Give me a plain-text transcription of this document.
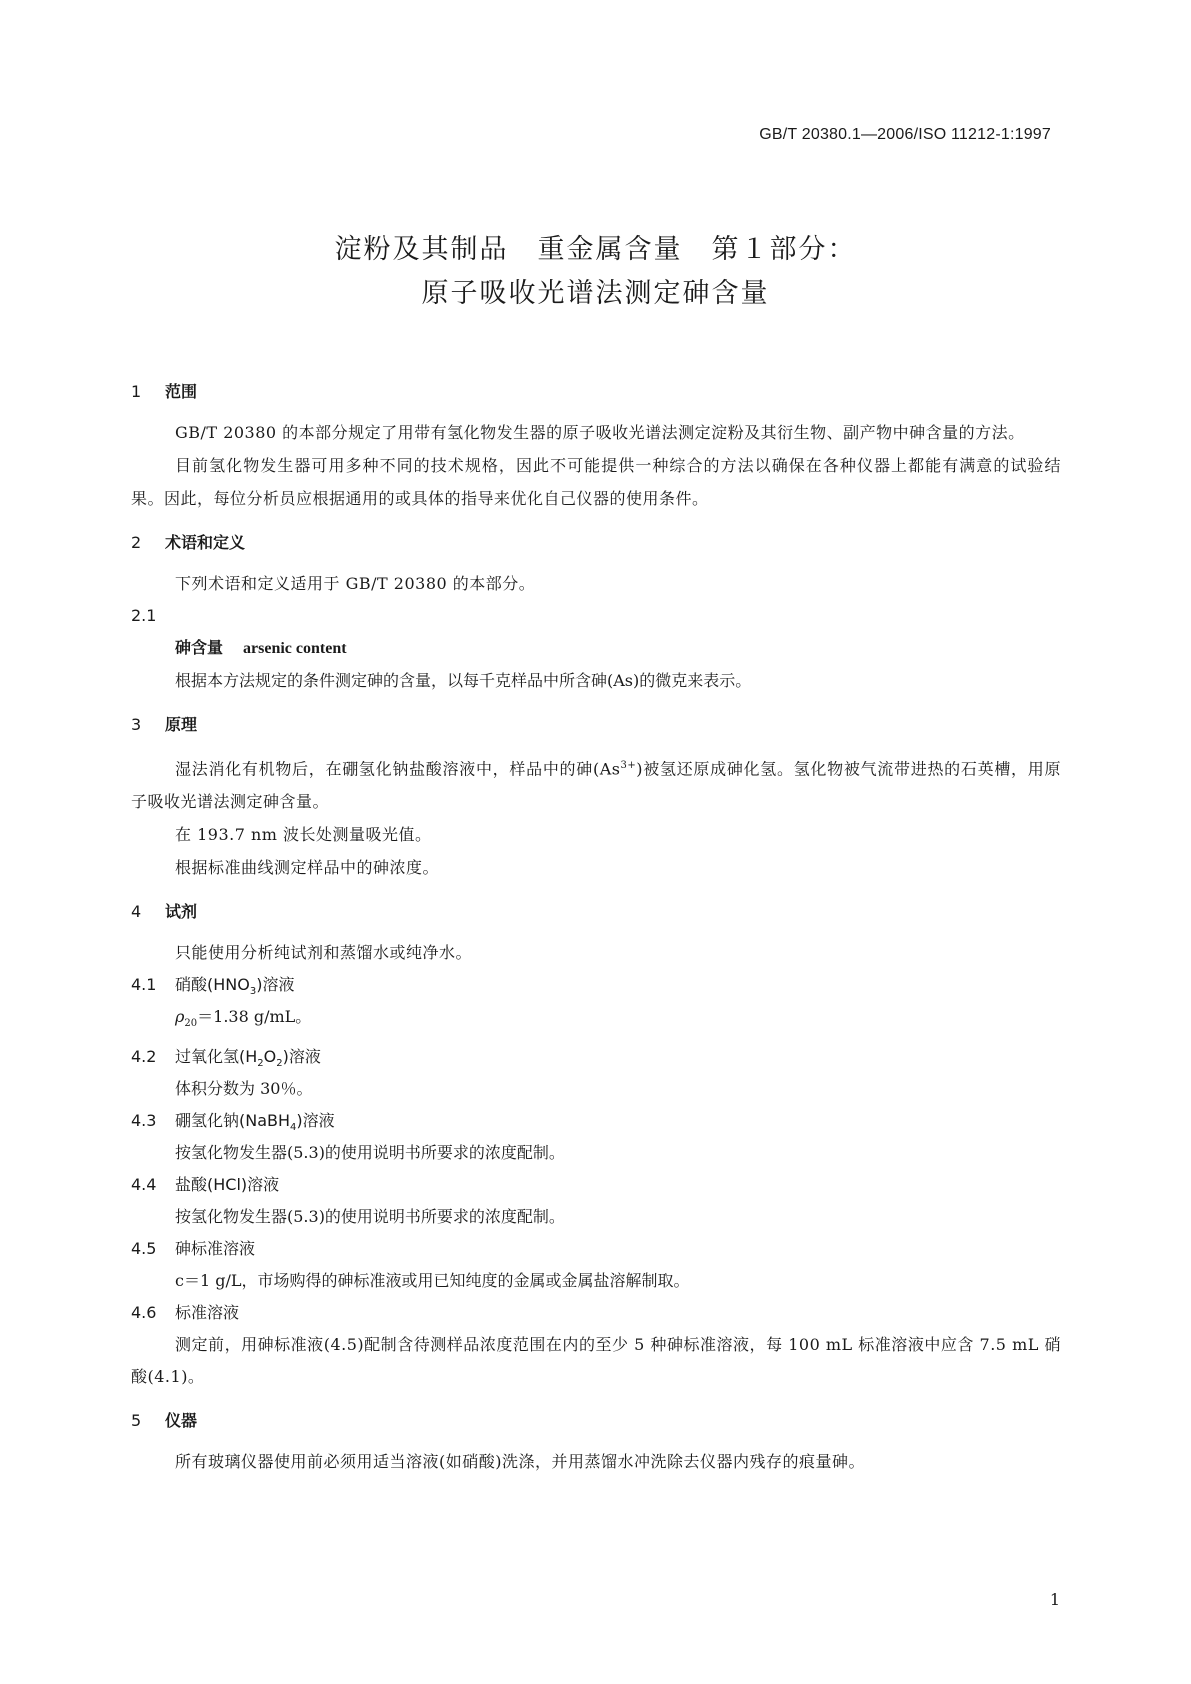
GB/T 20380.1—2006/ISO 11212-1:1997
淀粉及其制品　重金属含量　第１部分：
原子吸收光谱法测定砷含量
1 范围
GB/T 20380 的本部分规定了用带有氢化物发生器的原子吸收光谱法测定淀粉及其衍生物、副产物中砷含量的方法。
目前氢化物发生器可用多种不同的技术规格，因此不可能提供一种综合的方法以确保在各种仪器上都能有满意的试验结果。因此，每位分析员应根据通用的或具体的指导来优化自己仪器的使用条件。
2 术语和定义
下列术语和定义适用于 GB/T 20380 的本部分。
2.1
砷含量 arsenic content
根据本方法规定的条件测定砷的含量，以每千克样品中所含砷(As)的微克来表示。
3 原理
湿法消化有机物后，在硼氢化钠盐酸溶液中，样品中的砷$(As^{3+})$被氢还原成砷化氢。氢化物被气流带进热的石英槽，用原子吸收光谱法测定砷含量。
在 193.7 nm 波长处测量吸光值。
根据标准曲线测定样品中的砷浓度。
4 试剂
只能使用分析纯试剂和蒸馏水或纯净水。
4.1 硝酸$(HNO_3)$溶液
$\rho_{20}=1.38$ g/mL。
4.2 过氧化氢$(H_2O_2)$溶液
体积分数为 30％。
4.3 硼氢化钠(NaBH$_4$)溶液
按氢化物发生器(5.3)的使用说明书所要求的浓度配制。
4.4 盐酸(HCl)溶液
按氢化物发生器(5.3)的使用说明书所要求的浓度配制。
4.5 砷标准溶液
c＝1 g/L，市场购得的砷标准液或用已知纯度的金属或金属盐溶解制取。
4.6 标准溶液
测定前，用砷标准液(4.5)配制含待测样品浓度范围在内的至少 5 种砷标准溶液，每 100 mL 标准溶液中应含 7.5 mL 硝酸(4.1)。
5 仪器
所有玻璃仪器使用前必须用适当溶液(如硝酸)洗涤，并用蒸馏水冲洗除去仪器内残存的痕量砷。
1
